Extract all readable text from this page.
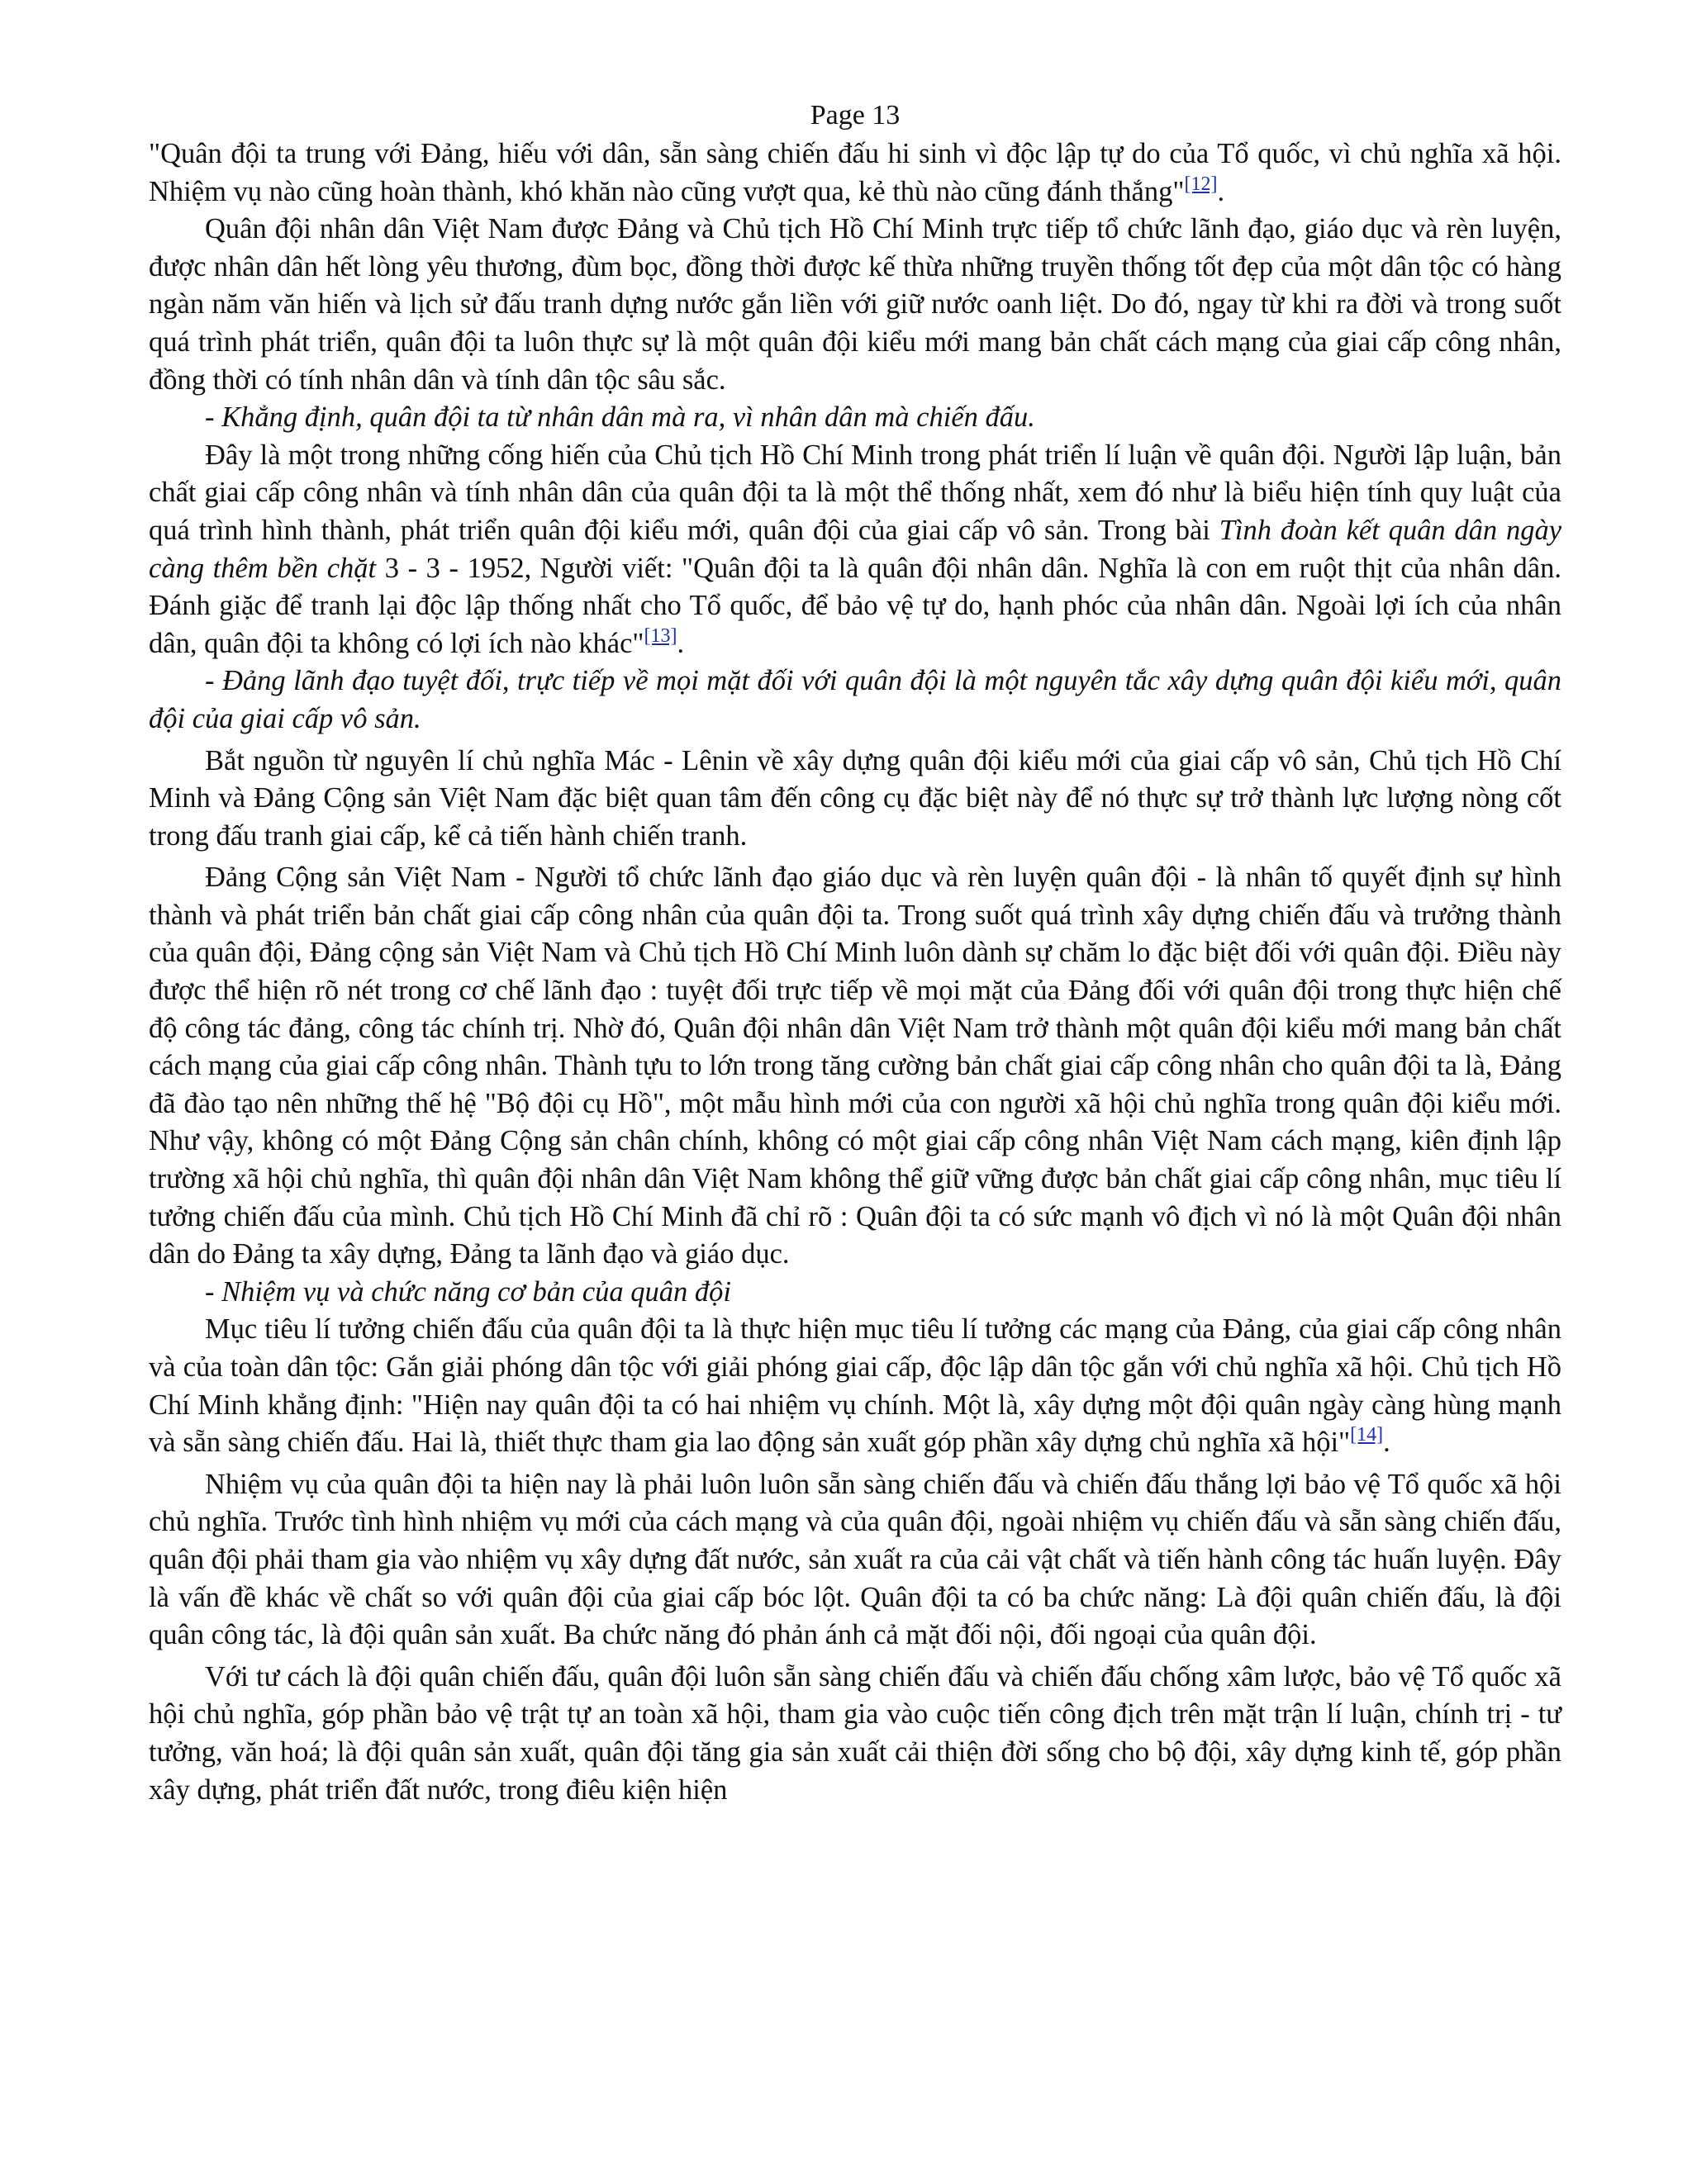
Page 13

"Quân đội ta trung với Đảng, hiếu với dân, sẵn sàng chiến đấu hi sinh vì độc lập tự do của Tổ quốc, vì chủ nghĩa xã hội. Nhiệm vụ nào cũng hoàn thành, khó khăn nào cũng vượt qua, kẻ thù nào cũng đánh thắng"[12].

Quân đội nhân dân Việt Nam được Đảng và Chủ tịch Hồ Chí Minh trực tiếp tổ chức lãnh đạo, giáo dục và rèn luyện, được nhân dân hết lòng yêu thương, đùm bọc, đồng thời được kế thừa những truyền thống tốt đẹp của một dân tộc có hàng ngàn năm văn hiến và lịch sử đấu tranh dựng nước gắn liền với giữ nước oanh liệt. Do đó, ngay từ khi ra đời và trong suốt quá trình phát triển, quân đội ta luôn thực sự là một quân đội kiểu mới mang bản chất cách mạng của giai cấp công nhân, đồng thời có tính nhân dân và tính dân tộc sâu sắc.

- Khẳng định, quân đội ta từ nhân dân mà ra, vì nhân dân mà chiến đấu.

Đây là một trong những cống hiến của Chủ tịch Hồ Chí Minh trong phát triển lí luận về quân đội. Người lập luận, bản chất giai cấp công nhân và tính nhân dân của quân đội ta là một thể thống nhất, xem đó như là biểu hiện tính quy luật của quá trình hình thành, phát triển quân đội kiểu mới, quân đội của giai cấp vô sản. Trong bài Tình đoàn kết quân dân ngày càng thêm bền chặt 3 - 3 - 1952, Người viết: "Quân đội ta là quân đội nhân dân. Nghĩa là con em ruột thịt của nhân dân. Đánh giặc để tranh lại độc lập thống nhất cho Tổ quốc, để bảo vệ tự do, hạnh phóc của nhân dân. Ngoài lợi ích của nhân dân, quân đội ta không có lợi ích nào khác"[13].

- Đảng lãnh đạo tuyệt đối, trực tiếp về mọi mặt đối với quân đội là một nguyên tắc xây dựng quân đội kiểu mới, quân đội của giai cấp vô sản.

Bắt nguồn từ nguyên lí chủ nghĩa Mác - Lênin về xây dựng quân đội kiểu mới của giai cấp vô sản, Chủ tịch Hồ Chí Minh và Đảng Cộng sản Việt Nam đặc biệt quan tâm đến công cụ đặc biệt này để nó thực sự trở thành lực lượng nòng cốt trong đấu tranh giai cấp, kể cả tiến hành chiến tranh.

Đảng Cộng sản Việt Nam - Người tổ chức lãnh đạo giáo dục và rèn luyện quân đội - là nhân tố quyết định sự hình thành và phát triển bản chất giai cấp công nhân của quân đội ta. Trong suốt quá trình xây dựng chiến đấu và trưởng thành của quân đội, Đảng cộng sản Việt Nam và Chủ tịch Hồ Chí Minh luôn dành sự chăm lo đặc biệt đối với quân đội. Điều này được thể hiện rõ nét trong cơ chế lãnh đạo : tuyệt đối trực tiếp về mọi mặt của Đảng đối với quân đội trong thực hiện chế độ công tác đảng, công tác chính trị. Nhờ đó, Quân đội nhân dân Việt Nam trở thành một quân đội kiểu mới mang bản chất cách mạng của giai cấp công nhân. Thành tựu to lớn trong tăng cường bản chất giai cấp công nhân cho quân đội ta là, Đảng đã đào tạo nên những thế hệ "Bộ đội cụ Hồ", một mẫu hình mới của con người xã hội chủ nghĩa trong quân đội kiểu mới. Như vậy, không có một Đảng Cộng sản chân chính, không có một giai cấp công nhân Việt Nam cách mạng, kiên định lập trường xã hội chủ nghĩa, thì quân đội nhân dân Việt Nam không thể giữ vững được bản chất giai cấp công nhân, mục tiêu lí tưởng chiến đấu của mình. Chủ tịch Hồ Chí Minh đã chỉ rõ : Quân đội ta có sức mạnh vô địch vì nó là một Quân đội nhân dân do Đảng ta xây dựng, Đảng ta lãnh đạo và giáo dục.

- Nhiệm vụ và chức năng cơ bản của quân đội

Mục tiêu lí tưởng chiến đấu của quân đội ta là thực hiện mục tiêu lí tưởng các mạng của Đảng, của giai cấp công nhân và của toàn dân tộc: Gắn giải phóng dân tộc với giải phóng giai cấp, độc lập dân tộc gắn với chủ nghĩa xã hội. Chủ tịch Hồ Chí Minh khẳng định: "Hiện nay quân đội ta có hai nhiệm vụ chính. Một là, xây dựng một đội quân ngày càng hùng mạnh và sẵn sàng chiến đấu. Hai là, thiết thực tham gia lao động sản xuất góp phần xây dựng chủ nghĩa xã hội"[14].

Nhiệm vụ của quân đội ta hiện nay là phải luôn luôn sẵn sàng chiến đấu và chiến đấu thắng lợi bảo vệ Tổ quốc xã hội chủ nghĩa. Trước tình hình nhiệm vụ mới của cách mạng và của quân đội, ngoài nhiệm vụ chiến đấu và sẵn sàng chiến đấu, quân đội phải tham gia vào nhiệm vụ xây dựng đất nước, sản xuất ra của cải vật chất và tiến hành công tác huấn luyện. Đây là vấn đề khác về chất so với quân đội của giai cấp bóc lột. Quân đội ta có ba chức năng: Là đội quân chiến đấu, là đội quân công tác, là đội quân sản xuất. Ba chức năng đó phản ánh cả mặt đối nội, đối ngoại của quân đội.

Với tư cách là đội quân chiến đấu, quân đội luôn sẵn sàng chiến đấu và chiến đấu chống xâm lược, bảo vệ Tổ quốc xã hội chủ nghĩa, góp phần bảo vệ trật tự an toàn xã hội, tham gia vào cuộc tiến công địch trên mặt trận lí luận, chính trị - tư tưởng, văn hoá; là đội quân sản xuất, quân đội tăng gia sản xuất cải thiện đời sống cho bộ đội, xây dựng kinh tế, góp phần xây dựng, phát triển đất nước, trong điêu kiện hiện
